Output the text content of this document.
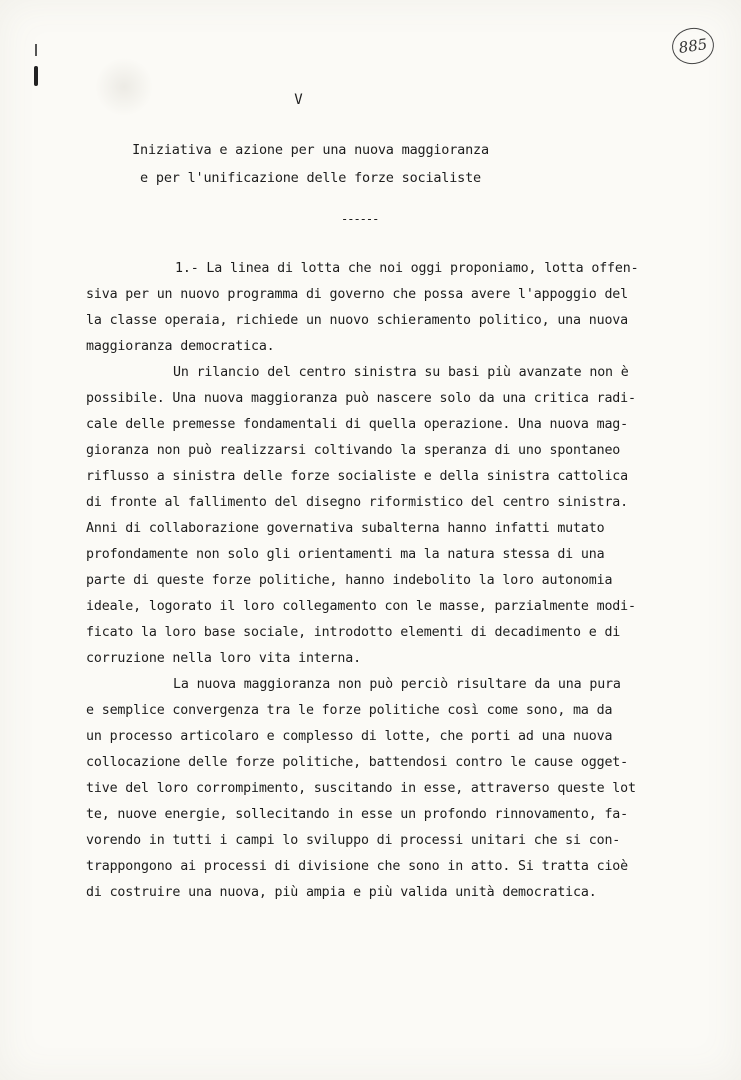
885
V
Iniziativa e azione per una nuova maggioranza
e per l'unificazione delle forze socialiste
------
1.- La linea di lotta che noi oggi proponiamo, lotta offen-
siva per un nuovo programma di governo che possa avere l'appoggio del
la classe operaia, richiede un nuovo schieramento politico, una nuova
maggioranza democratica.
Un rilancio del centro sinistra su basi più avanzate non è
possibile. Una nuova maggioranza può nascere solo da una critica radi-
cale delle premesse fondamentali di quella operazione. Una nuova mag-
gioranza non può realizzarsi coltivando la speranza di uno spontaneo
riflusso a sinistra delle forze socialiste e della sinistra cattolica
di fronte al fallimento del disegno riformistico del centro sinistra.
Anni di collaborazione governativa subalterna hanno infatti mutato
profondamente non solo gli orientamenti ma la natura stessa di una
parte di queste forze politiche, hanno indebolito la loro autonomia
ideale, logorato il loro collegamento con le masse, parzialmente modi-
ficato la loro base sociale, introdotto elementi di decadimento e di
corruzione nella loro vita interna.
La nuova maggioranza non può perciò risultare da una pura
e semplice convergenza tra le forze politiche così come sono, ma da
un processo articolaro e complesso di lotte, che porti ad una nuova
collocazione delle forze politiche, battendosi contro le cause ogget-
tive del loro corrompimento, suscitando in esse, attraverso queste lot
te, nuove energie, sollecitando in esse un profondo rinnovamento, fa-
vorendo in tutti i campi lo sviluppo di processi unitari che si con-
trappongono ai processi di divisione che sono in atto. Si tratta cioè
di costruire una nuova, più ampia e più valida unità democratica.
